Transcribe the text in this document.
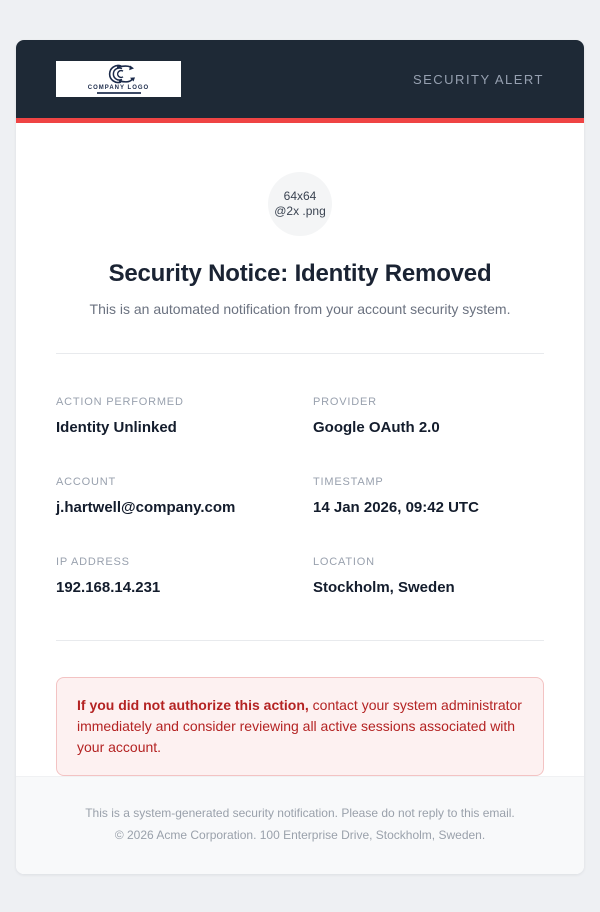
COMPANY LOGO
SECURITY ALERT
64x64
@2x .png
Security Notice: Identity Removed
This is an automated notification from your account security system.
ACTION PERFORMED
Identity Unlinked
PROVIDER
Google OAuth 2.0
ACCOUNT
j.hartwell@company.com
TIMESTAMP
14 Jan 2026, 09:42 UTC
IP ADDRESS
192.168.14.231
LOCATION
Stockholm, Sweden
If you did not authorize this action, contact your system administrator immediately and consider reviewing all active sessions associated with your account.
This is a system-generated security notification. Please do not reply to this email.
© 2026 Acme Corporation. 100 Enterprise Drive, Stockholm, Sweden.
